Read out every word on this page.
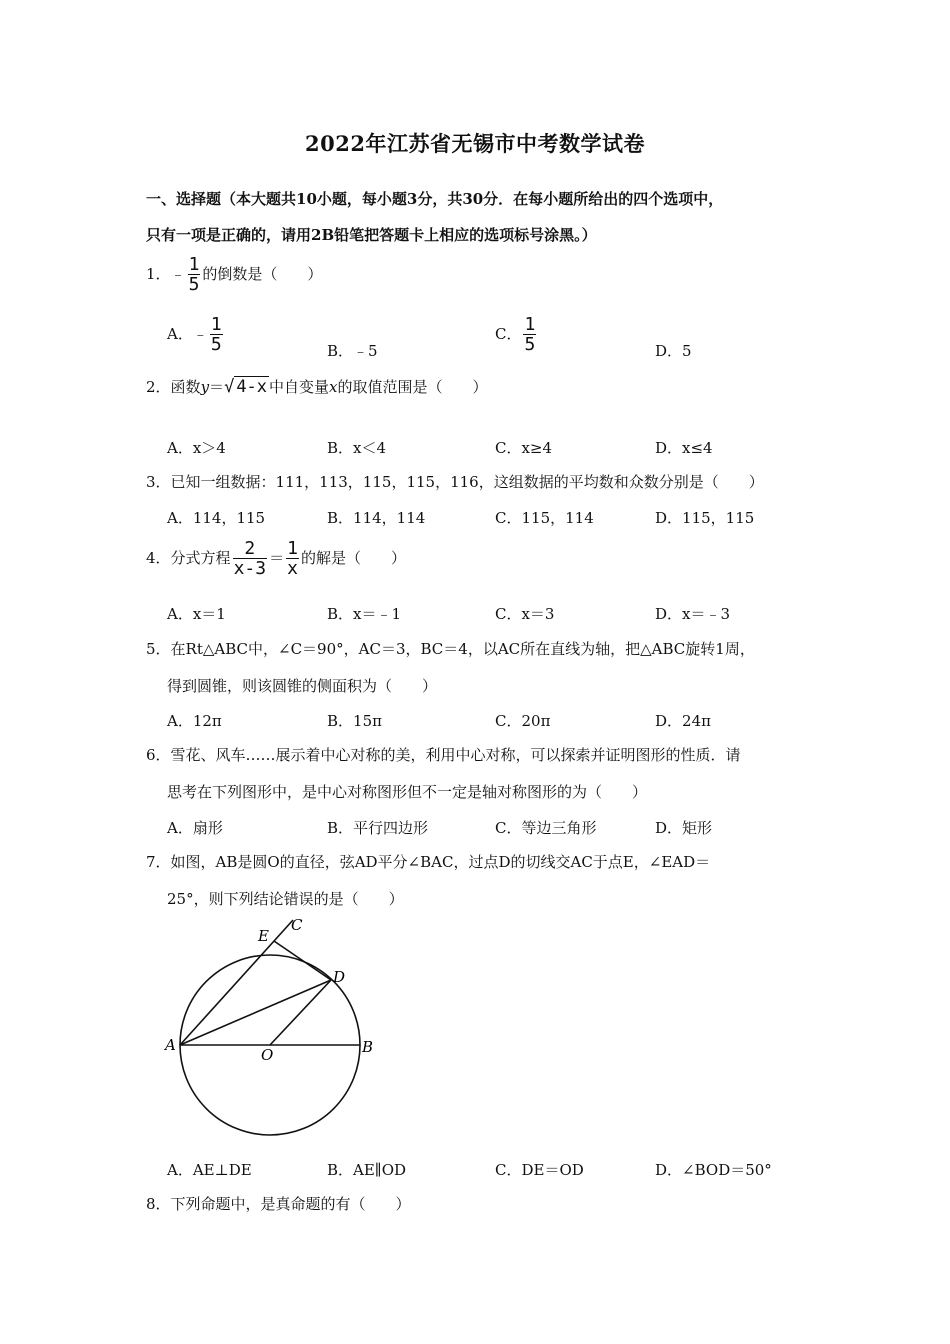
2022年江苏省无锡市中考数学试卷
一、选择题（本大题共10小题，每小题3分，共30分．在每小题所给出的四个选项中，
只有一项是正确的，请用2B铅笔把答题卡上相应的选项标号涂黑。）
1．﹣ $\frac{1}{5}$ 的倒数是（　　）
A．﹣ $\frac{1}{5}$	B．﹣5
C． $\frac{1}{5}$	D．5
2．函数y＝√ 4-x 中自变量x的取值范围是（　　）
A．x＞4	B．x＜4	C．x≥4	D．x≤4
3．已知一组数据：111，113，115，115，116，这组数据的平均数和众数分别是（　　）
A．114，115	B．114，114	C．115，114	D．115，115
4．分式方程 $\frac{2}{x-3} = \frac{1}{x}$ 的解是（　　）
A．x＝1	B．x＝﹣1	C．x＝3	D．x＝﹣3
5．在Rt△ABC中，∠C＝90°，AC＝3，BC＝4，以AC所在直线为轴，把△ABC旋转1周，
得到圆锥，则该圆锥的侧面积为（　　）
A．12π	B．15π	C．20π	D．24π
6．雪花、风车……展示着中心对称的美，利用中心对称，可以探索并证明图形的性质．请
思考在下列图形中，是中心对称图形但不一定是轴对称图形的为（　　）
A．扇形	B．平行四边形	C．等边三角形	D．矩形
7．如图，AB是圆O的直径，弦AD平分∠BAC，过点D的切线交AC于点E，∠EAD＝
25°，则下列结论错误的是（　　）
A	B
O
D
E
C
A．AE⊥DE	B．AE∥OD	C．DE＝OD	D．∠BOD＝50°
8．下列命题中，是真命题的有（　　）
